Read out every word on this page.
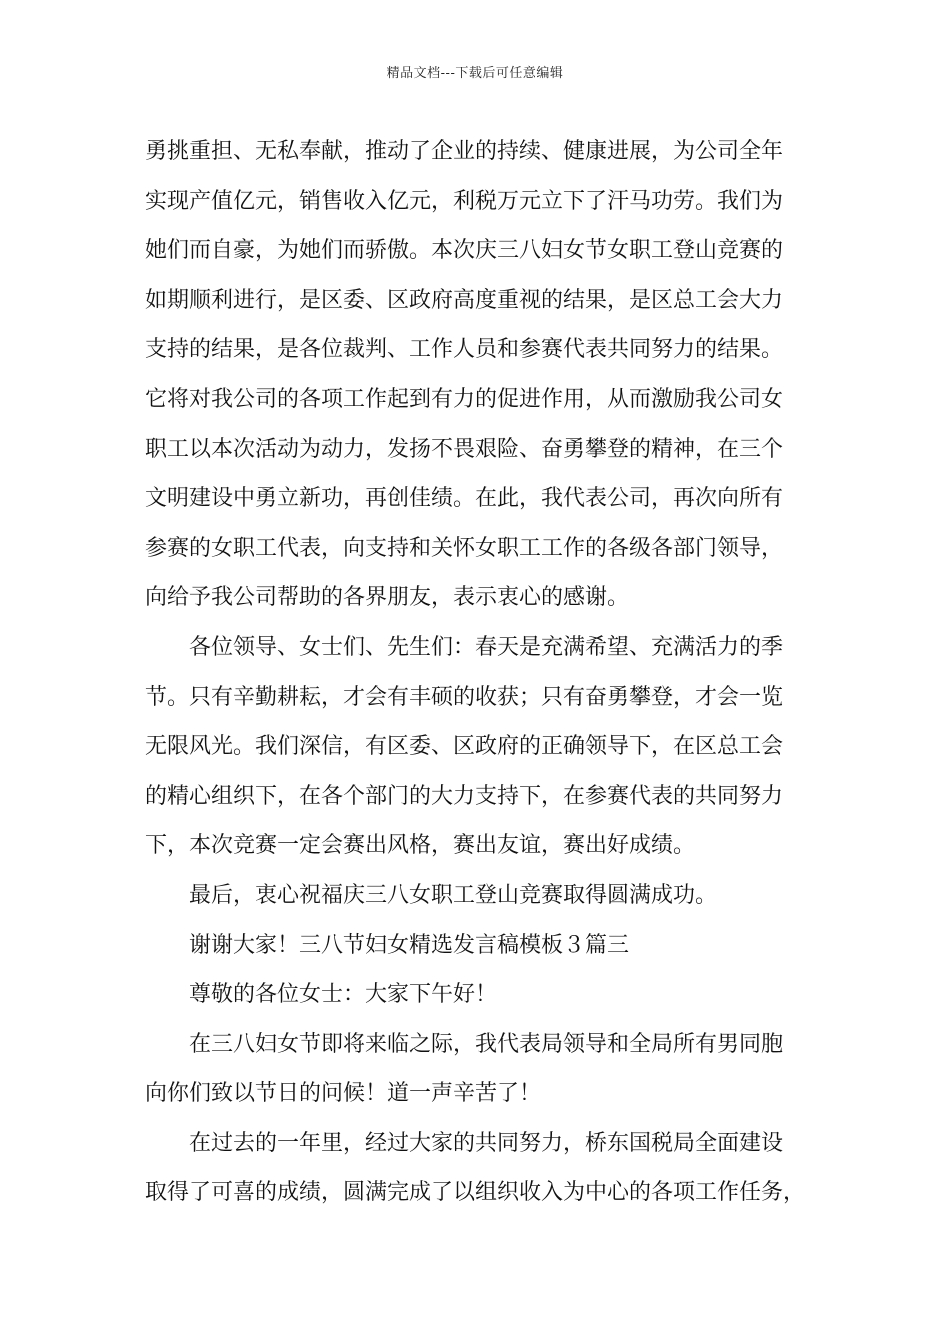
精品文档---下载后可任意编辑
勇挑重担、无私奉献，推动了企业的持续、健康进展，为公司全年
实现产值亿元，销售收入亿元，利税万元立下了汗马功劳。我们为
她们而自豪，为她们而骄傲。本次庆三八妇女节女职工登山竞赛的
如期顺利进行，是区委、区政府高度重视的结果，是区总工会大力
支持的结果，是各位裁判、工作人员和参赛代表共同努力的结果。
它将对我公司的各项工作起到有力的促进作用，从而激励我公司女
职工以本次活动为动力，发扬不畏艰险、奋勇攀登的精神，在三个
文明建设中勇立新功，再创佳绩。在此，我代表公司，再次向所有
参赛的女职工代表，向支持和关怀女职工工作的各级各部门领导，
向给予我公司帮助的各界朋友，表示衷心的感谢。
各位领导、女士们、先生们：春天是充满希望、充满活力的季
节。只有辛勤耕耘，才会有丰硕的收获；只有奋勇攀登，才会一览
无限风光。我们深信，有区委、区政府的正确领导下，在区总工会
的精心组织下，在各个部门的大力支持下，在参赛代表的共同努力
下，本次竞赛一定会赛出风格，赛出友谊，赛出好成绩。
最后，衷心祝福庆三八女职工登山竞赛取得圆满成功。
谢谢大家！三八节妇女精选发言稿模板３篇三
尊敬的各位女士：大家下午好！
在三八妇女节即将来临之际，我代表局领导和全局所有男同胞
向你们致以节日的问候！道一声辛苦了！
在过去的一年里，经过大家的共同努力，桥东国税局全面建设
取得了可喜的成绩，圆满完成了以组织收入为中心的各项工作任务，
